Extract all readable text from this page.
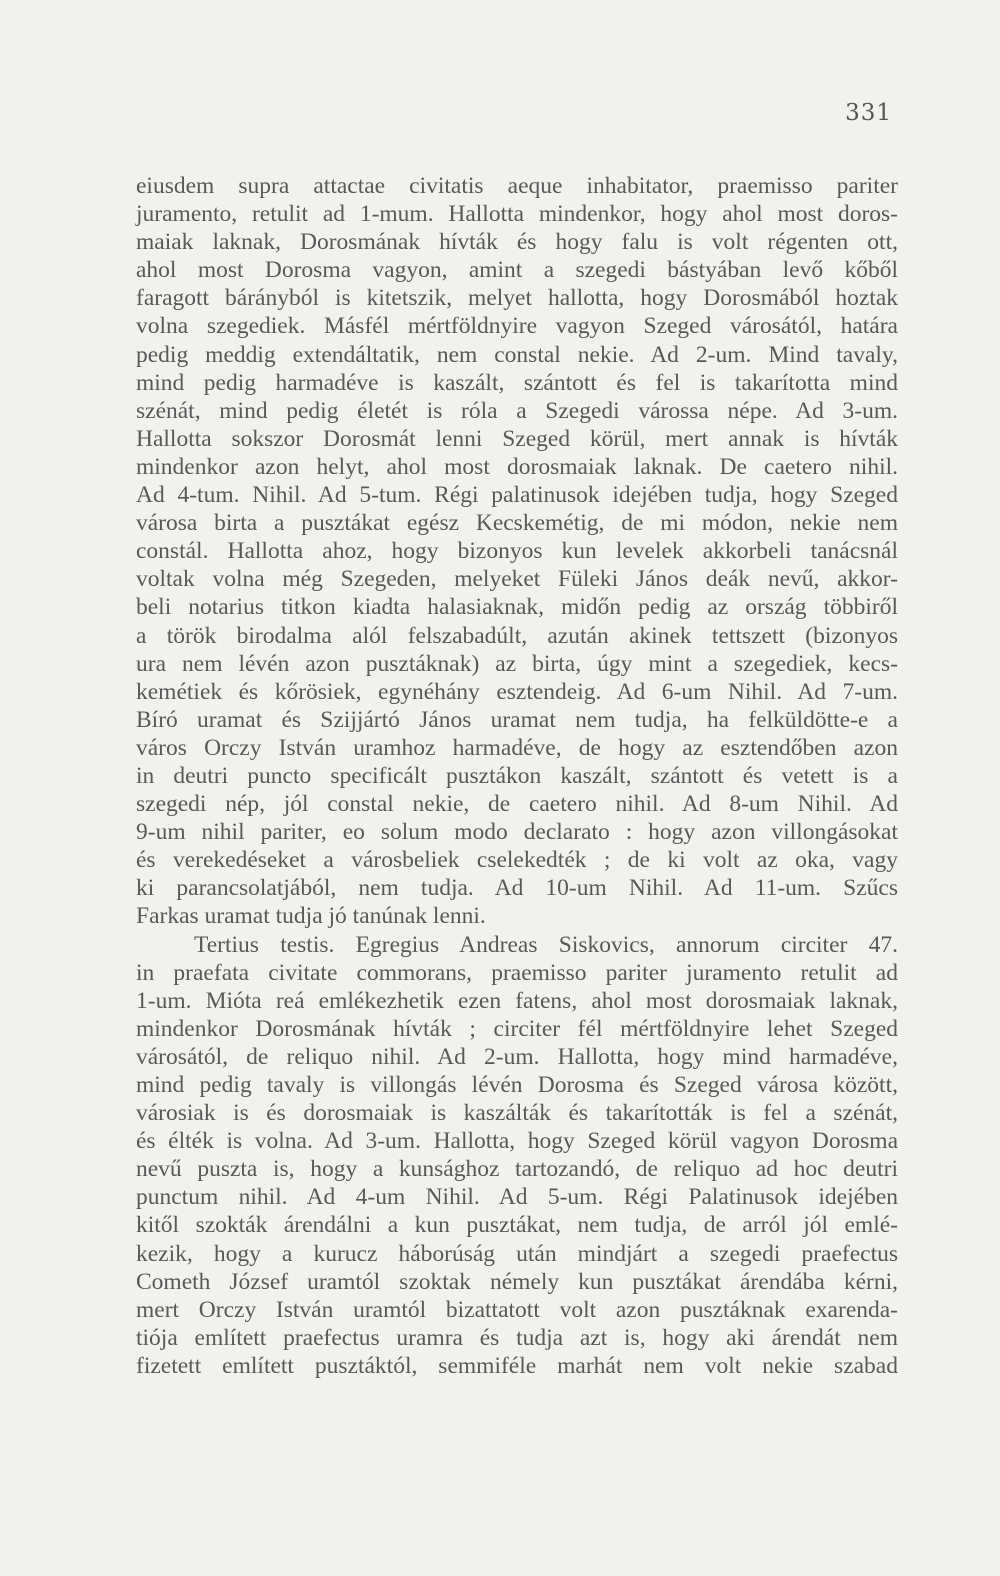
331
eiusdem supra attactae civitatis aeque inhabitator, praemisso pariter
juramento, retulit ad 1-mum. Hallotta mindenkor, hogy ahol most doros-
maiak laknak, Dorosmának hívták és hogy falu is volt régenten ott,
ahol most Dorosma vagyon, amint a szegedi bástyában levő kőből
faragott bárányból is kitetszik, melyet hallotta, hogy Dorosmából hoztak
volna szegediek. Másfél mértföldnyire vagyon Szeged városától, határa
pedig meddig extendáltatik, nem constal nekie. Ad 2-um. Mind tavaly,
mind pedig harmadéve is kaszált, szántott és fel is takarította mind
szénát, mind pedig életét is róla a Szegedi várossa népe. Ad 3-um.
Hallotta sokszor Dorosmát lenni Szeged körül, mert annak is hívták
mindenkor azon helyt, ahol most dorosmaiak laknak. De caetero nihil.
Ad 4-tum. Nihil. Ad 5-tum. Régi palatinusok idejében tudja, hogy Szeged
városa birta a pusztákat egész Kecskemétig, de mi módon, nekie nem
constál. Hallotta ahoz, hogy bizonyos kun levelek akkorbeli tanácsnál
voltak volna még Szegeden, melyeket Füleki János deák nevű, akkor-
beli notarius titkon kiadta halasiaknak, midőn pedig az ország többiről
a török birodalma alól felszabadúlt, azután akinek tettszett (bizonyos
ura nem lévén azon pusztáknak) az birta, úgy mint a szegediek, kecs-
kemétiek és kőrösiek, egynéhány esztendeig. Ad 6-um Nihil. Ad 7-um.
Bíró uramat és Szijjártó János uramat nem tudja, ha felküldötte-e a
város Orczy István uramhoz harmadéve, de hogy az esztendőben azon
in deutri puncto specificált pusztákon kaszált, szántott és vetett is a
szegedi nép, jól constal nekie, de caetero nihil. Ad 8-um Nihil. Ad
9-um nihil pariter, eo solum modo declarato : hogy azon villongásokat
és verekedéseket a városbeliek cselekedték ; de ki volt az oka, vagy
ki parancsolatjából, nem tudja. Ad 10-um Nihil. Ad 11-um. Szűcs
Farkas uramat tudja jó tanúnak lenni.
Tertius testis. Egregius Andreas Siskovics, annorum circiter 47.
in praefata civitate commorans, praemisso pariter juramento retulit ad
1-um. Mióta reá emlékezhetik ezen fatens, ahol most dorosmaiak laknak,
mindenkor Dorosmának hívták ; circiter fél mértföldnyire lehet Szeged
városától, de reliquo nihil. Ad 2-um. Hallotta, hogy mind harmadéve,
mind pedig tavaly is villongás lévén Dorosma és Szeged városa között,
városiak is és dorosmaiak is kaszálták és takarították is fel a szénát,
és élték is volna. Ad 3-um. Hallotta, hogy Szeged körül vagyon Dorosma
nevű puszta is, hogy a kunsághoz tartozandó, de reliquo ad hoc deutri
punctum nihil. Ad 4-um Nihil. Ad 5-um. Régi Palatinusok idejében
kitől szokták árendálni a kun pusztákat, nem tudja, de arról jól emlé-
kezik, hogy a kurucz háborúság után mindjárt a szegedi praefectus
Cometh József uramtól szoktak némely kun pusztákat árendába kérni,
mert Orczy István uramtól bizattatott volt azon pusztáknak exarenda-
tiója említett praefectus uramra és tudja azt is, hogy aki árendát nem
fizetett említett pusztáktól, semmiféle marhát nem volt nekie szabad
